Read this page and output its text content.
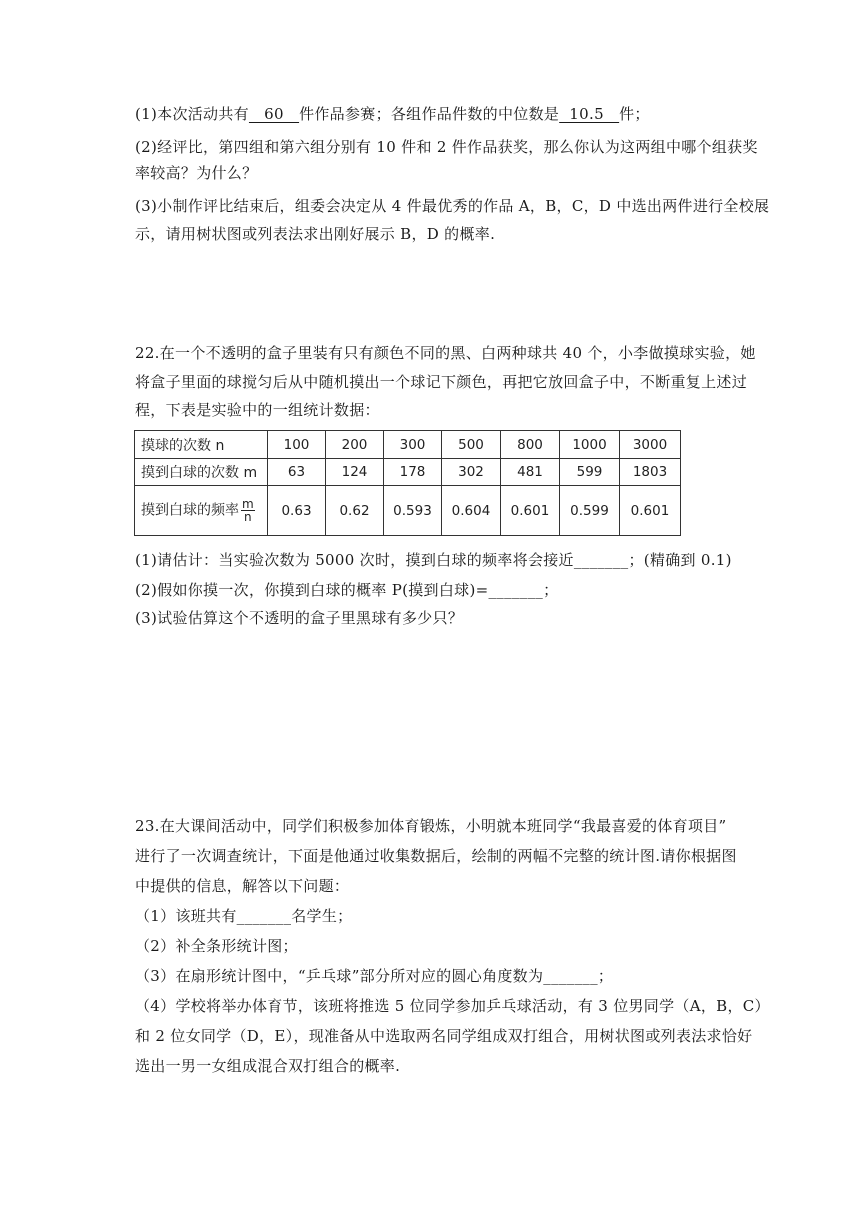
(1)本次活动共有   60   件作品参赛；各组作品件数的中位数是  10.5   件；
(2)经评比，第四组和第六组分别有 10 件和 2 件作品获奖，那么你认为这两组中哪个组获奖
率较高？为什么？
(3)小制作评比结束后，组委会决定从 4 件最优秀的作品 A，B，C，D 中选出两件进行全校展
示，请用树状图或列表法求出刚好展示 B，D 的概率.
22.在一个不透明的盒子里装有只有颜色不同的黑、白两种球共 40 个，小李做摸球实验，她
将盒子里面的球搅匀后从中随机摸出一个球记下颜色，再把它放回盒子中，不断重复上述过
程，下表是实验中的一组统计数据：
摸球的次数 n	100	200	300	500	800	1000	3000
摸到白球的次数 m	63	124	178	302	481	599	1803
摸到白球的频率 $\frac{m}{n}$	0.63	0.62	0.593	0.604	0.601	0.599	0.601
(1)请估计：当实验次数为 5000 次时，摸到白球的频率将会接近_______；(精确到 0.1)
(2)假如你摸一次，你摸到白球的概率 P(摸到白球)=_______；
(3)试验估算这个不透明的盒子里黑球有多少只？
23.在大课间活动中，同学们积极参加体育锻炼，小明就本班同学“我最喜爱的体育项目”
进行了一次调查统计，下面是他通过收集数据后，绘制的两幅不完整的统计图.请你根据图
中提供的信息，解答以下问题：
（1）该班共有_______名学生；
（2）补全条形统计图；
（3）在扇形统计图中，“乒乓球”部分所对应的圆心角度数为_______；
（4）学校将举办体育节，该班将推选 5 位同学参加乒乓球活动，有 3 位男同学（A，B，C）
和 2 位女同学（D，E），现准备从中选取两名同学组成双打组合，用树状图或列表法求恰好
选出一男一女组成混合双打组合的概率.
